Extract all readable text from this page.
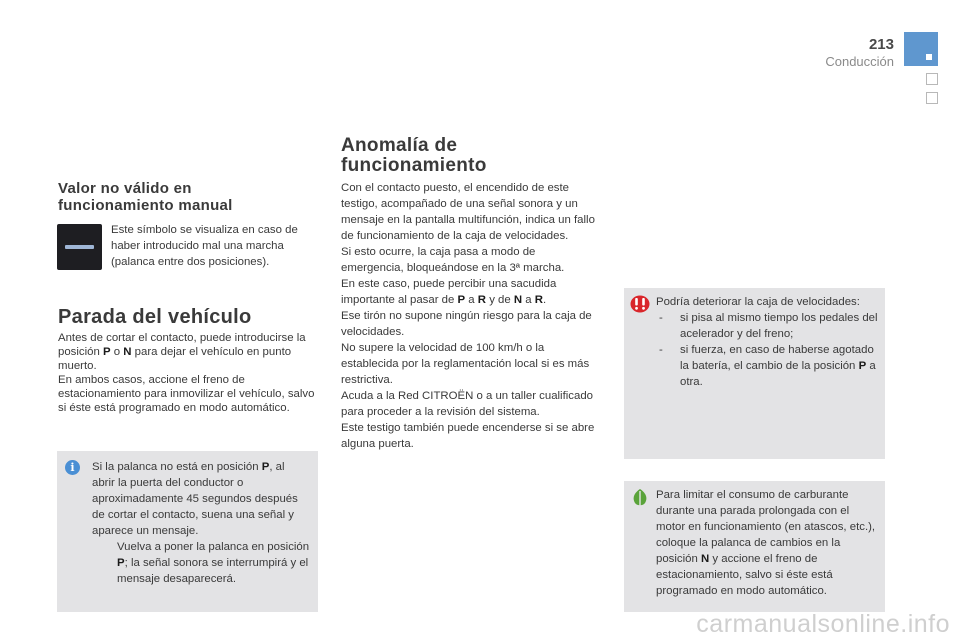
213
Conducción
Valor no válido en
funcionamiento manual

Este símbolo se visualiza en caso de haber introducido mal una marcha (palanca entre dos posiciones).

Parada del vehículo

Antes de cortar el contacto, puede introducirse la posición P o N para dejar el vehículo en punto muerto.

En ambos casos, accione el freno de estacionamiento para inmovilizar el vehículo, salvo si éste está programado en modo automático.

i	Si la palanca no está en posición P, al abrir la puerta del conductor o aproximadamente 45 segundos después de cortar el contacto, suena una señal y aparece un mensaje.

Vuelva a poner la palanca en posición P; la señal sonora se interrumpirá y el mensaje desaparecerá.
Anomalía de
funcionamiento

Con el contacto puesto, el encendido de este testigo, acompañado de una señal sonora y un mensaje en la pantalla multifunción, indica un fallo de funcionamiento de la caja de velocidades.

Si esto ocurre, la caja pasa a modo de emergencia, bloqueándose en la 3ª marcha.

En este caso, puede percibir una sacudida importante al pasar de P a R y de N a R.

Ese tirón no supone ningún riesgo para la caja de velocidades.

No supere la velocidad de 100 km/h o la establecida por la reglamentación local si es más restrictiva.

Acuda a la Red CITROËN o a un taller cualificado para proceder a la revisión del sistema.

Este testigo también puede encenderse si se abre alguna puerta.

Podría deteriorar la caja de velocidades:

- si pisa al mismo tiempo los pedales del acelerador y del freno;
- si fuerza, en caso de haberse agotado la batería, el cambio de la posición P a otra.

Para limitar el consumo de carburante durante una parada prolongada con el motor en funcionamiento (en atascos, etc.), coloque la palanca de cambios en la posición N y accione el freno de estacionamiento, salvo si éste está programado en modo automático.

carmanualsonline.info
